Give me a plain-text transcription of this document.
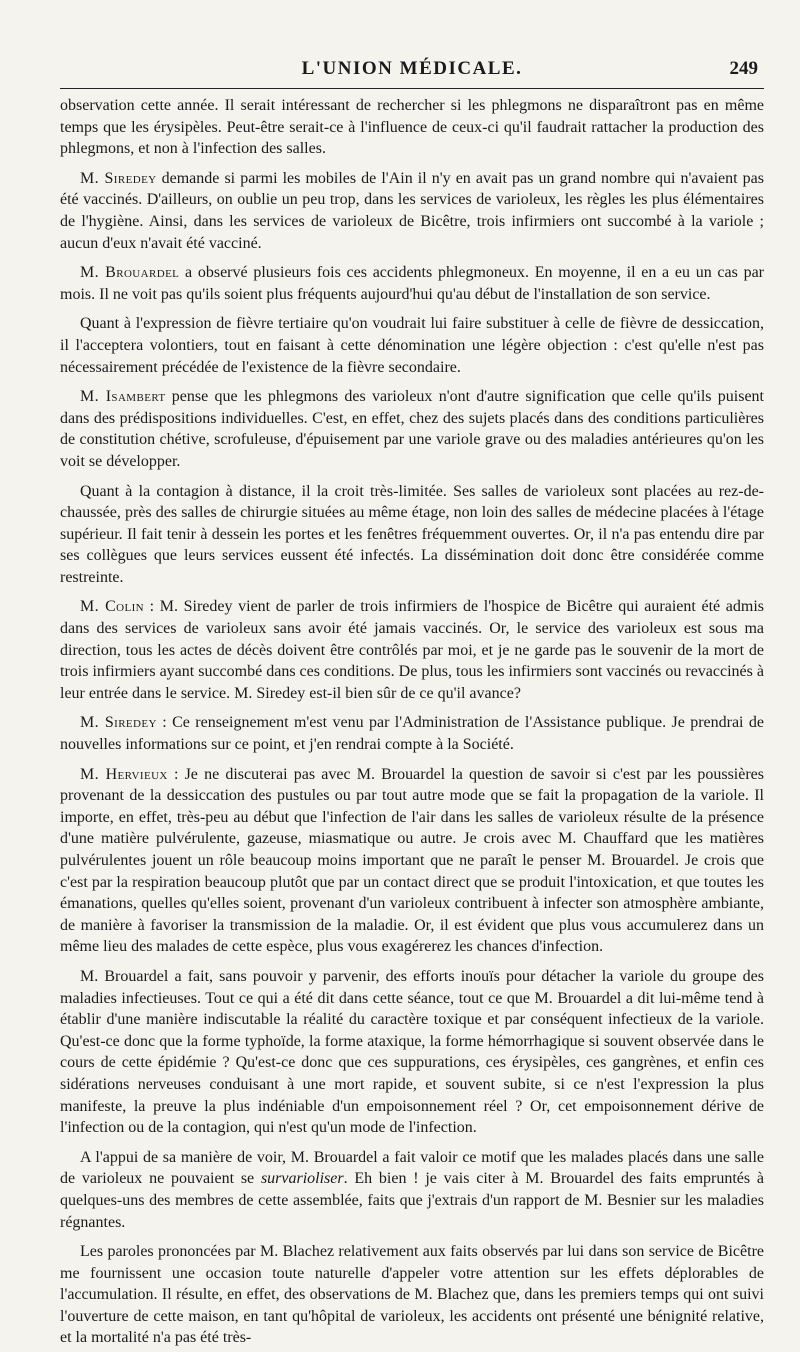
L'UNION MÉDICALE.	249

observation cette année. Il serait intéressant de rechercher si les phlegmons ne disparaîtront pas en même temps que les érysipèles. Peut-être serait-ce à l'influence de ceux-ci qu'il faudrait rattacher la production des phlegmons, et non à l'infection des salles.

M. Siredey demande si parmi les mobiles de l'Ain il n'y en avait pas un grand nombre qui n'avaient pas été vaccinés. D'ailleurs, on oublie un peu trop, dans les services de varioleux, les règles les plus élémentaires de l'hygiène. Ainsi, dans les services de varioleux de Bicêtre, trois infirmiers ont succombé à la variole ; aucun d'eux n'avait été vacciné.

M. Brouardel a observé plusieurs fois ces accidents phlegmoneux. En moyenne, il en a eu un cas par mois. Il ne voit pas qu'ils soient plus fréquents aujourd'hui qu'au début de l'installation de son service.

Quant à l'expression de fièvre tertiaire qu'on voudrait lui faire substituer à celle de fièvre de dessiccation, il l'acceptera volontiers, tout en faisant à cette dénomination une légère objection : c'est qu'elle n'est pas nécessairement précédée de l'existence de la fièvre secondaire.

M. Isambert pense que les phlegmons des varioleux n'ont d'autre signification que celle qu'ils puisent dans des prédispositions individuelles. C'est, en effet, chez des sujets placés dans des conditions particulières de constitution chétive, scrofuleuse, d'épuisement par une variole grave ou des maladies antérieures qu'on les voit se développer.

Quant à la contagion à distance, il la croit très-limitée. Ses salles de varioleux sont placées au rez-de-chaussée, près des salles de chirurgie situées au même étage, non loin des salles de médecine placées à l'étage supérieur. Il fait tenir à dessein les portes et les fenêtres fréquemment ouvertes. Or, il n'a pas entendu dire par ses collègues que leurs services eussent été infectés. La dissémination doit donc être considérée comme restreinte.

M. Colin : M. Siredey vient de parler de trois infirmiers de l'hospice de Bicêtre qui auraient été admis dans des services de varioleux sans avoir été jamais vaccinés. Or, le service des varioleux est sous ma direction, tous les actes de décès doivent être contrôlés par moi, et je ne garde pas le souvenir de la mort de trois infirmiers ayant succombé dans ces conditions. De plus, tous les infirmiers sont vaccinés ou revaccinés à leur entrée dans le service. M. Siredey est-il bien sûr de ce qu'il avance?

M. Siredey : Ce renseignement m'est venu par l'Administration de l'Assistance publique. Je prendrai de nouvelles informations sur ce point, et j'en rendrai compte à la Société.

M. Hervieux : Je ne discuterai pas avec M. Brouardel la question de savoir si c'est par les poussières provenant de la dessiccation des pustules ou par tout autre mode que se fait la propagation de la variole. Il importe, en effet, très-peu au début que l'infection de l'air dans les salles de varioleux résulte de la présence d'une matière pulvérulente, gazeuse, miasmatique ou autre. Je crois avec M. Chauffard que les matières pulvérulentes jouent un rôle beaucoup moins important que ne paraît le penser M. Brouardel. Je crois que c'est par la respiration beaucoup plutôt que par un contact direct que se produit l'intoxication, et que toutes les émanations, quelles qu'elles soient, provenant d'un varioleux contribuent à infecter son atmosphère ambiante, de manière à favoriser la transmission de la maladie. Or, il est évident que plus vous accumulerez dans un même lieu des malades de cette espèce, plus vous exagérerez les chances d'infection.

M. Brouardel a fait, sans pouvoir y parvenir, des efforts inouïs pour détacher la variole du groupe des maladies infectieuses. Tout ce qui a été dit dans cette séance, tout ce que M. Brouardel a dit lui-même tend à établir d'une manière indiscutable la réalité du caractère toxique et par conséquent infectieux de la variole. Qu'est-ce donc que la forme typhoïde, la forme ataxique, la forme hémorrhagique si souvent observée dans le cours de cette épidémie ? Qu'est-ce donc que ces suppurations, ces érysipèles, ces gangrènes, et enfin ces sidérations nerveuses conduisant à une mort rapide, et souvent subite, si ce n'est l'expression la plus manifeste, la preuve la plus indéniable d'un empoisonnement réel ? Or, cet empoisonnement dérive de l'infection ou de la contagion, qui n'est qu'un mode de l'infection.

A l'appui de sa manière de voir, M. Brouardel a fait valoir ce motif que les malades placés dans une salle de varioleux ne pouvaient se survarioliser. Eh bien ! je vais citer à M. Brouardel des faits empruntés à quelques-uns des membres de cette assemblée, faits que j'extrais d'un rapport de M. Besnier sur les maladies régnantes.

Les paroles prononcées par M. Blachez relativement aux faits observés par lui dans son service de Bicêtre me fournissent une occasion toute naturelle d'appeler votre attention sur les effets déplorables de l'accumulation. Il résulte, en effet, des observations de M. Blachez que, dans les premiers temps qui ont suivi l'ouverture de cette maison, en tant qu'hôpital de varioleux, les accidents ont présenté une bénignité relative, et la mortalité n'a pas été très-
